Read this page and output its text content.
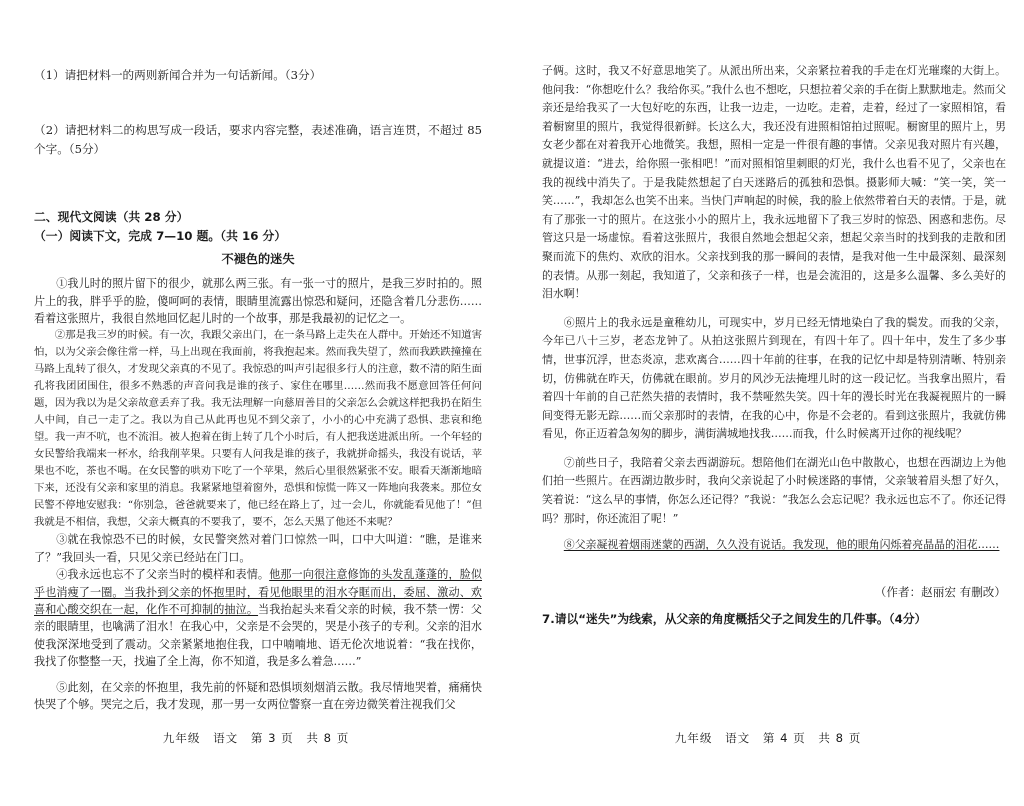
（1）请把材料一的两则新闻合并为一句话新闻。（3分）

（2）请把材料二的构思写成一段话，要求内容完整，表述准确，语言连贯，不超过 85 个字。（5分）

二、现代文阅读（共 28 分）

（一）阅读下文，完成 7—10 题。（共 16 分）

不褪色的迷失

①我儿时的照片留下的很少，就那么两三张。有一张一寸的照片，是我三岁时拍的。照片上的我，胖乎乎的脸，傻呵呵的表情，眼睛里流露出惊恐和疑问，还隐含着几分悲伤……看着这张照片，我很自然地回忆起儿时的一个故事，那是我最初的记忆之一。

②那是我三岁的时候。有一次，我跟父亲出门，在一条马路上走失在人群中。开始还不知道害怕，以为父亲会像往常一样，马上出现在我面前，将我抱起来。然而我失望了，然而我跌跌撞撞在马路上乱转了很久，才发现父亲真的不见了。我惊恐的叫声引起很多行人的注意，数不清的陌生面孔将我团团围住，很多不熟悉的声音问我是谁的孩子、家住在哪里……然而我不愿意回答任何问题，因为我以为是父亲故意丢弃了我。我无法理解一向慈眉善目的父亲怎么会就这样把我扔在陌生人中间，自己一走了之。我以为自己从此再也见不到父亲了，小小的心中充满了恐惧、悲哀和绝望。我一声不吭，也不流泪。被人抱着在街上转了几个小时后，有人把我送进派出所。一个年轻的女民警给我端来一杯水，给我削苹果。只要有人问我是谁的孩子，我就拼命摇头，我没有说话，苹果也不吃，茶也不喝。在女民警的哄劝下吃了一个苹果，然后心里很然紧张不安。眼看天渐渐地暗下来，还没有父亲和家里的消息。我紧紧地望着窗外，恐惧和惊慌一阵又一阵地向我袭来。那位女民警不停地安慰我：“你别急，爸爸就要来了，他已经在路上了，过一会儿，你就能看见他了！”但我就是不相信，我想，父亲大概真的不要我了，要不，怎么天黑了他还不来呢？

③就在我惊恐不已的时候，女民警突然对着门口惊然一叫，口中大叫道：“瞧，是谁来了？”我回头一看，只见父亲已经站在门口。

④我永远也忘不了父亲当时的模样和表情。他那一向很注意修饰的头发乱蓬蓬的，脸似乎也消瘦了一圈。当我扑到父亲的怀抱里时，看见他眼里的泪水夺眶而出，委屈、激动、欢喜和心酸交织在一起，化作不可抑制的抽泣。当我抬起头来看父亲的时候，我不禁一愣：父亲的眼睛里，也噙满了泪水！在我心中，父亲是不会哭的，哭是小孩子的专利。父亲的泪水使我深深地受到了震动。父亲紧紧地抱住我，口中喃喃地、语无伦次地说着：“我在找你，我找了你整整一天，找遍了全上海，你不知道，我是多么着急……”

⑤此刻，在父亲的怀抱里，我先前的怀疑和恐惧顷刻烟消云散。我尽情地哭着，痛痛快快哭了个够。哭完之后，我才发现，那一男一女两位警察一直在旁边微笑着注视我们父

九年级　语文　第 3 页　共 8 页

子俩。这时，我又不好意思地笑了。从派出所出来，父亲紧拉着我的手走在灯光璀璨的大街上。他问我：“你想吃什么？我给你买。”我什么也不想吃，只想拉着父亲的手在街上默默地走。然而父亲还是给我买了一大包好吃的东西，让我一边走，一边吃。走着，走着，经过了一家照相馆，看着橱窗里的照片，我觉得很新鲜。长这么大，我还没有进照相馆拍过照呢。橱窗里的照片上，男女老少都在对着我开心地微笑。我想，照相一定是一件很有趣的事情。父亲见我对照片有兴趣，就提议道：“进去，给你照一张相吧！”而对照相馆里刺眼的灯光，我什么也看不见了，父亲也在我的视线中消失了。于是我陡然想起了白天迷路后的孤独和恐惧。摄影师大喊：“笑一笑，笑一笑……”，我却怎么也笑不出来。当快门声响起的时候，我的脸上依然带着白天的表情。于是，就有了那张一寸的照片。在这张小小的照片上，我永远地留下了我三岁时的惊恐、困惑和悲伤。尽管这只是一场虚惊。看着这张照片，我很自然地会想起父亲，想起父亲当时的找到我的走散和团聚而流下的焦灼、欢欣的泪水。父亲找到我的那一瞬间的表情，是我对他一生中最深刻、最深刻的表情。从那一刻起，我知道了，父亲和孩子一样，也是会流泪的，这是多么温馨、多么美好的泪水啊！

⑥照片上的我永远是童稚幼儿，可现实中，岁月已经无情地染白了我的鬓发。而我的父亲，今年已八十三岁，老态龙钟了。从拍这张照片到现在，有四十年了。四十年中，发生了多少事情，世事沉浮，世态炎凉，悲欢离合……四十年前的往事，在我的记忆中却是特别清晰、特别亲切，仿佛就在昨天，仿佛就在眼前。岁月的风沙无法掩埋儿时的这一段记忆。当我拿出照片，看着四十年前的自己茫然失措的表情时，我不禁哑然失笑。四十年的漫长时光在我凝视照片的一瞬间变得无影无踪……而父亲那时的表情，在我的心中，你是不会老的。看到这张照片，我就仿佛看见，你正迈着急匆匆的脚步，满街满城地找我……而我，什么时候离开过你的视线呢？

⑦前些日子，我陪着父亲去西湖游玩。想陪他们在湖光山色中散散心，也想在西湖边上为他们拍一些照片。在西湖边散步时，我向父亲说起了小时候迷路的事情，父亲皱着眉头想了好久，笑着说：“这么早的事情，你怎么还记得？”我说：“我怎么会忘记呢？我永远也忘不了。你还记得吗？那时，你还流泪了呢！”

⑧父亲凝视着烟雨迷蒙的西湖，久久没有说话。我发现，他的眼角闪烁着亮晶晶的泪花……

（作者：赵丽宏 有删改）

7.请以“迷失”为线索，从父亲的角度概括父子之间发生的几件事。（4分）

九年级　语文　第 4 页　共 8 页
